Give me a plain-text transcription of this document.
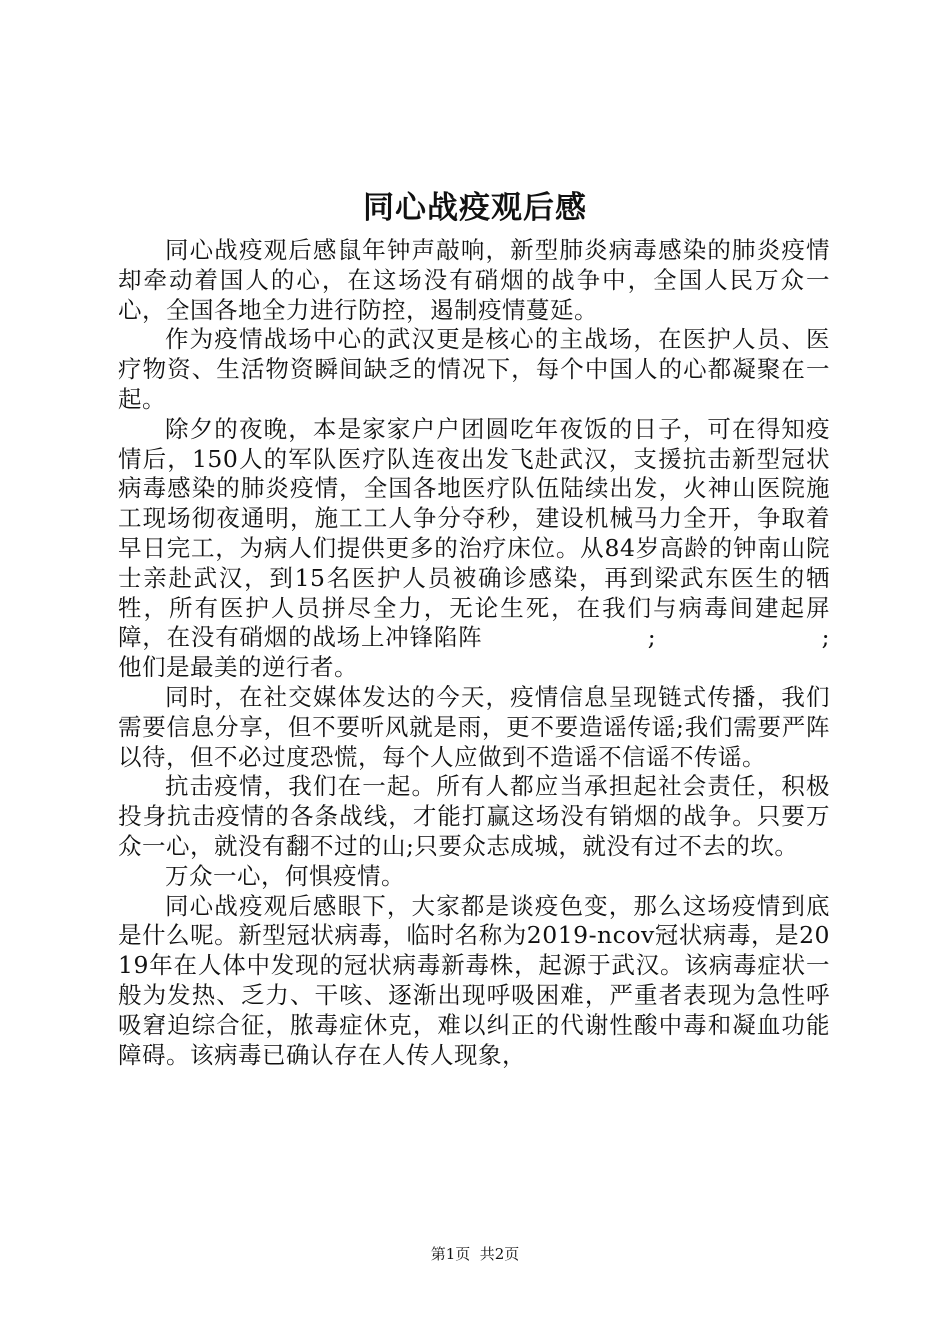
同心战疫观后感

同心战疫观后感鼠年钟声敲响，新型肺炎病毒感染的肺炎疫情却牵动着国人的心，在这场没有硝烟的战争中，全国人民万众一心，全国各地全力进行防控，遏制疫情蔓延。

作为疫情战场中心的武汉更是核心的主战场，在医护人员、医疗物资、生活物资瞬间缺乏的情况下，每个中国人的心都凝聚在一起。

除夕的夜晚，本是家家户户团圆吃年夜饭的日子，可在得知疫情后，150人的军队医疗队连夜出发飞赴武汉，支援抗击新型冠状病毒感染的肺炎疫情，全国各地医疗队伍陆续出发，火神山医院施工现场彻夜通明，施工工人争分夺秒，建设机械马力全开，争取着早日完工，为病人们提供更多的治疗床位。从84岁高龄的钟南山院士亲赴武汉，到15名医护人员被确诊感染，再到梁武东医生的牺牲，所有医护人员拼尽全力，无论生死，在我们与病毒间建起屏障，在没有硝烟的战场上冲锋陷阵                    ;                    ;他们是最美的逆行者。

同时，在社交媒体发达的今天，疫情信息呈现链式传播，我们需要信息分享，但不要听风就是雨，更不要造谣传谣;我们需要严阵以待，但不必过度恐慌，每个人应做到不造谣不信谣不传谣。

抗击疫情，我们在一起。所有人都应当承担起社会责任，积极投身抗击疫情的各条战线，才能打赢这场没有销烟的战争。只要万众一心，就没有翻不过的山;只要众志成城，就没有过不去的坎。

万众一心，何惧疫情。

同心战疫观后感眼下，大家都是谈疫色变，那么这场疫情到底是什么呢。新型冠状病毒，临时名称为2019-ncov冠状病毒，是2019年在人体中发现的冠状病毒新毒株，起源于武汉。该病毒症状一般为发热、乏力、干咳、逐渐出现呼吸困难，严重者表现为急性呼吸窘迫综合征，脓毒症休克，难以纠正的代谢性酸中毒和凝血功能障碍。该病毒已确认存在人传人现象，

第1页  共2页
